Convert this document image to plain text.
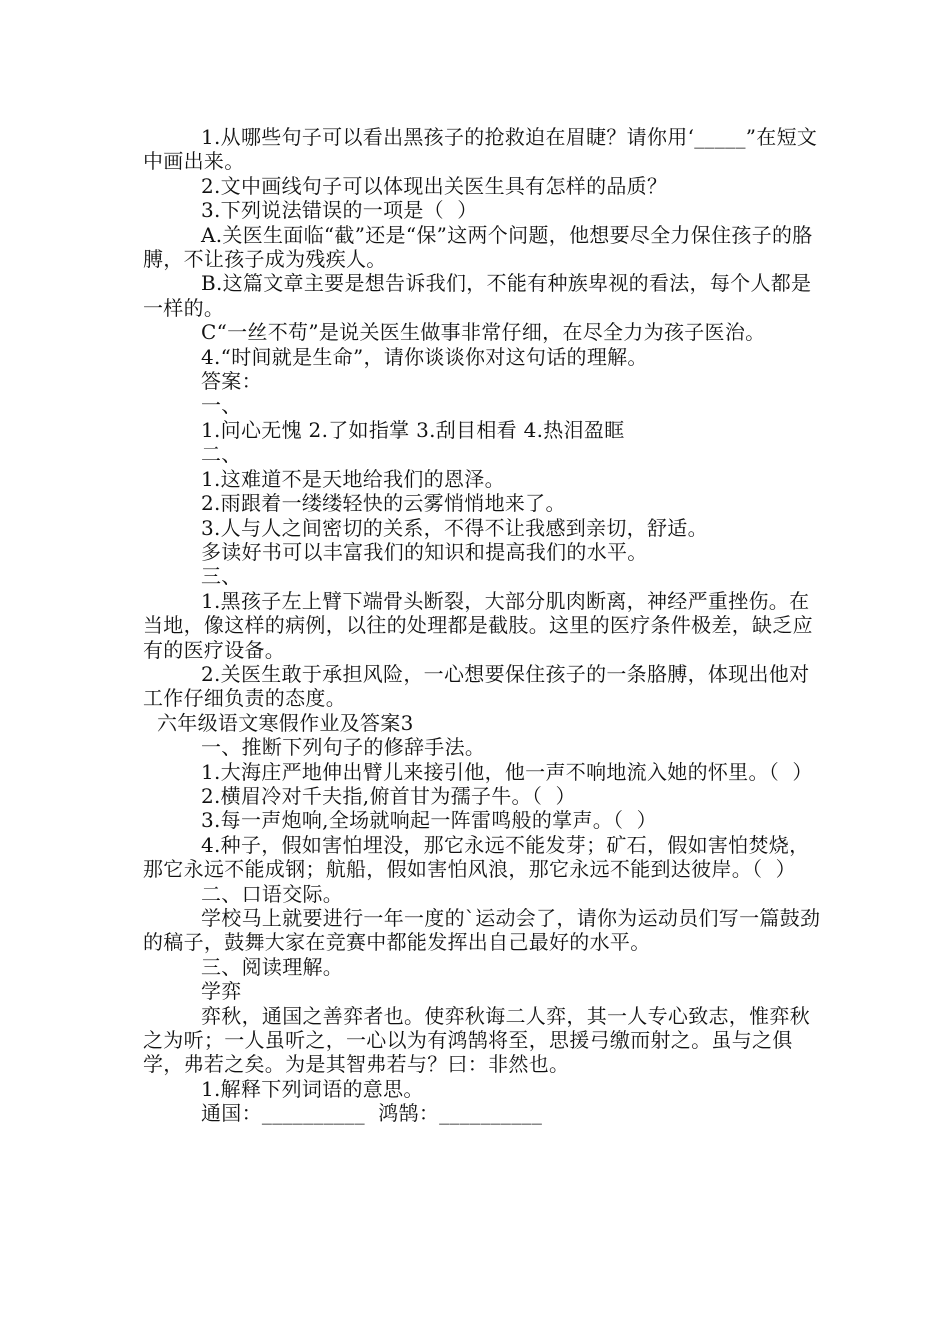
1.从哪些句子可以看出黑孩子的抢救迫在眉睫？请你用‘_____”在短文中画出来。

2.文中画线句子可以体现出关医生具有怎样的品质？

3.下列说法错误的一项是（  ）

A.关医生面临“截”还是“保”这两个问题，他想要尽全力保住孩子的胳膊，不让孩子成为残疾人。

B.这篇文章主要是想告诉我们，不能有种族卑视的看法，每个人都是一样的。

C“一丝不苟”是说关医生做事非常仔细，在尽全力为孩子医治。

4.“时间就是生命”，请你谈谈你对这句话的理解。

答案：

一、

1.问心无愧 2.了如指掌 3.刮目相看 4.热泪盈眶

二、

1.这难道不是天地给我们的恩泽。

2.雨跟着一缕缕轻快的云雾悄悄地来了。

3.人与人之间密切的关系，不得不让我感到亲切，舒适。

多读好书可以丰富我们的知识和提高我们的水平。

三、

1.黑孩子左上臂下端骨头断裂，大部分肌肉断离，神经严重挫伤。在当地，像这样的病例，以往的处理都是截肢。这里的医疗条件极差，缺乏应有的医疗设备。

2.关医生敢于承担风险，一心想要保住孩子的一条胳膊，体现出他对工作仔细负责的态度。

六年级语文寒假作业及答案3

一、推断下列句子的修辞手法。

1.大海庄严地伸出臂儿来接引他，他一声不响地流入她的怀里。（  ）

2.横眉冷对千夫指,俯首甘为孺子牛。（  ）

3.每一声炮响,全场就响起一阵雷鸣般的掌声。（  ）

4.种子，假如害怕埋没，那它永远不能发芽；矿石，假如害怕焚烧，那它永远不能成钢；航船，假如害怕风浪，那它永远不能到达彼岸。（  ）

二、口语交际。

学校马上就要进行一年一度的`运动会了，请你为运动员们写一篇鼓劲的稿子，鼓舞大家在竞赛中都能发挥出自己最好的水平。

三、阅读理解。

学弈

弈秋，通国之善弈者也。使弈秋诲二人弈，其一人专心致志，惟弈秋之为听；一人虽听之，一心以为有鸿鹄将至，思援弓缴而射之。虽与之俱学，弗若之矣。为是其智弗若与？曰：非然也。

1.解释下列词语的意思。

通国：__________  鸿鹄：__________
